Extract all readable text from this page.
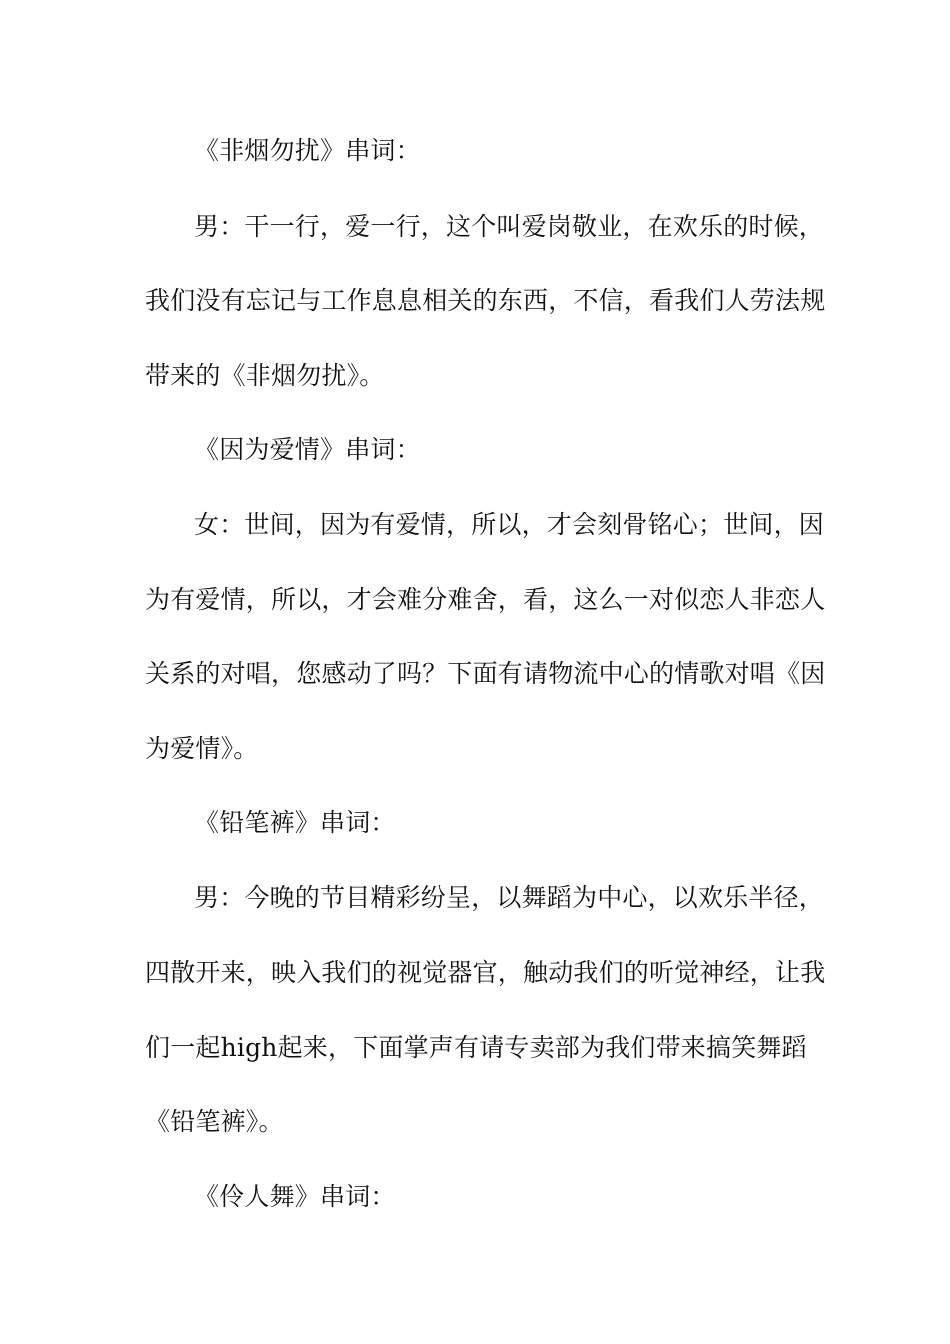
《非烟勿扰》串词：
男：干一行，爱一行，这个叫爱岗敬业，在欢乐的时候，
我们没有忘记与工作息息相关的东西，不信，看我们人劳法规
带来的《非烟勿扰》。
《因为爱情》串词：
女：世间，因为有爱情，所以，才会刻骨铭心；世间，因
为有爱情，所以，才会难分难舍，看，这么一对似恋人非恋人
关系的对唱，您感动了吗？下面有请物流中心的情歌对唱《因
为爱情》。
《铅笔裤》串词：
男：今晚的节目精彩纷呈，以舞蹈为中心，以欢乐半径，
四散开来，映入我们的视觉器官，触动我们的听觉神经，让我
们一起high起来，下面掌声有请专卖部为我们带来搞笑舞蹈
《铅笔裤》。
《伶人舞》串词：
